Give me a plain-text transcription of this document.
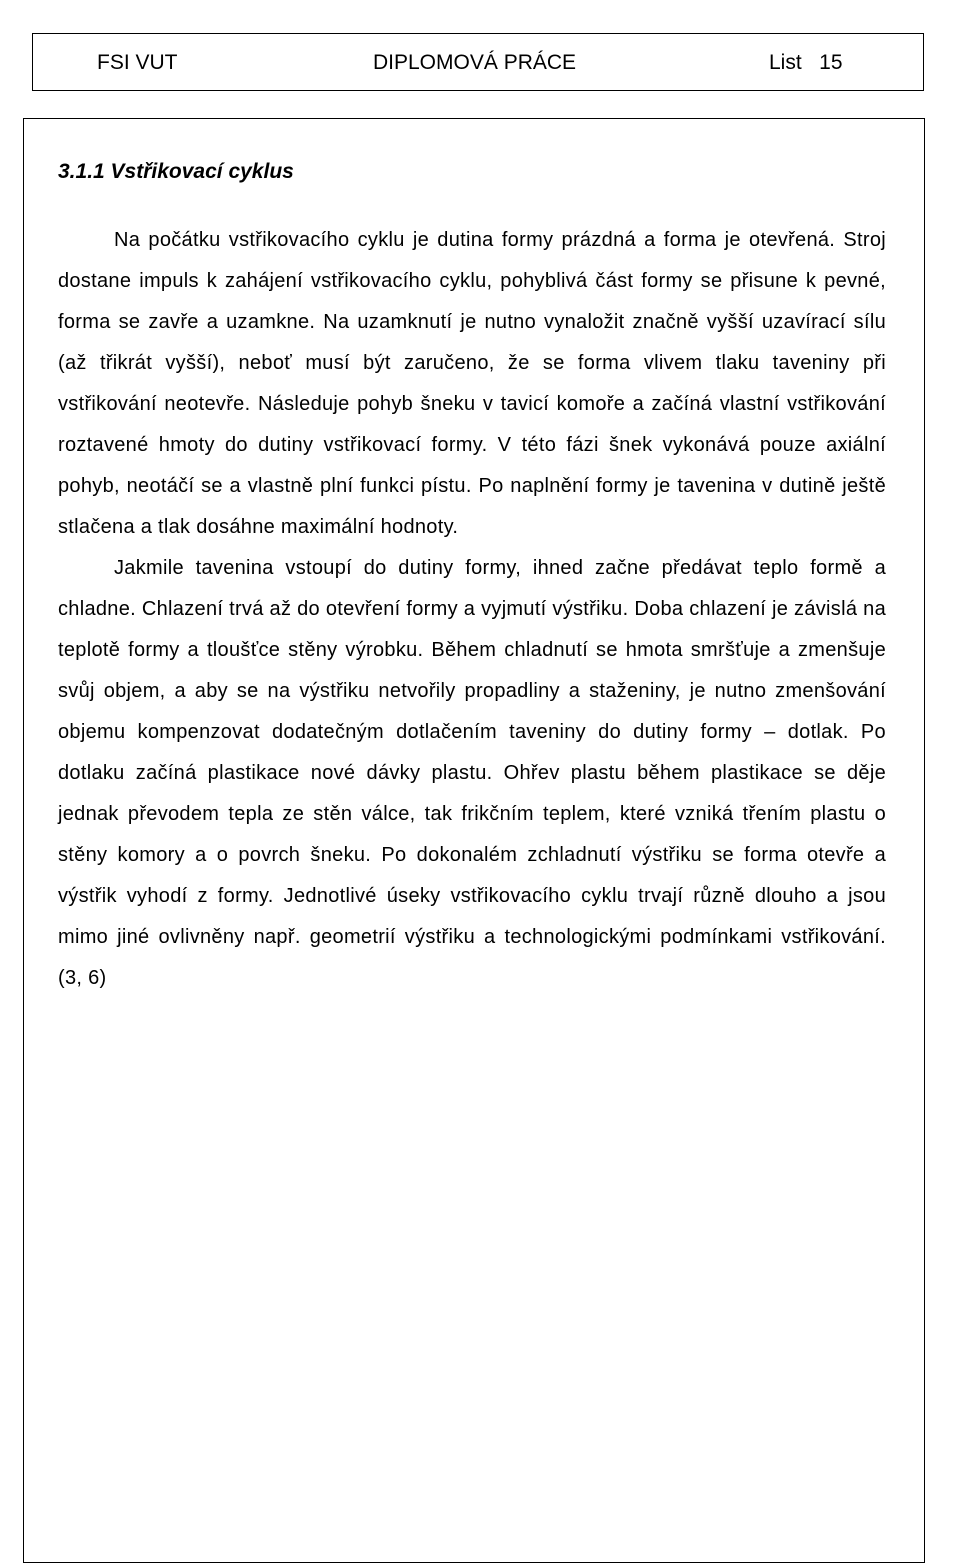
FSI VUT	DIPLOMOVÁ PRÁCE	List   15
3.1.1 Vstřikovací cyklus

Na počátku vstřikovacího cyklu je dutina formy prázdná a forma je otevřená. Stroj dostane impuls k zahájení vstřikovacího cyklu, pohyblivá část formy se přisune k pevné, forma se zavře a uzamkne. Na uzamknutí je nutno vynaložit značně vyšší uzavírací sílu (až třikrát vyšší), neboť musí být zaručeno, že se forma vlivem tlaku taveniny při vstřikování neotevře. Následuje pohyb šneku v tavicí komoře a začíná vlastní vstřikování roztavené hmoty do dutiny vstřikovací formy. V této fázi šnek vykonává pouze axiální pohyb, neotáčí se a vlastně plní funkci pístu. Po naplnění formy je tavenina v dutině ještě stlačena a tlak dosáhne maximální hodnoty.

Jakmile tavenina vstoupí do dutiny formy, ihned začne předávat teplo formě a chladne. Chlazení trvá až do otevření formy a vyjmutí výstřiku. Doba chlazení je závislá na teplotě formy a tloušťce stěny výrobku. Během chladnutí se hmota smršťuje a zmenšuje svůj objem, a aby se na výstřiku netvořily propadliny a staženiny, je nutno zmenšování objemu kompenzovat dodatečným dotlačením taveniny do dutiny formy – dotlak. Po dotlaku začíná plastikace nové dávky plastu. Ohřev plastu během plastikace se děje jednak převodem tepla ze stěn válce, tak frikčním teplem, které vzniká třením plastu o stěny komory a o povrch šneku. Po dokonalém zchladnutí výstřiku se forma otevře a výstřik vyhodí z formy. Jednotlivé úseky vstřikovacího cyklu trvají různě dlouho a jsou mimo jiné ovlivněny např. geometrií výstřiku a technologickými podmínkami vstřikování. (3, 6)
